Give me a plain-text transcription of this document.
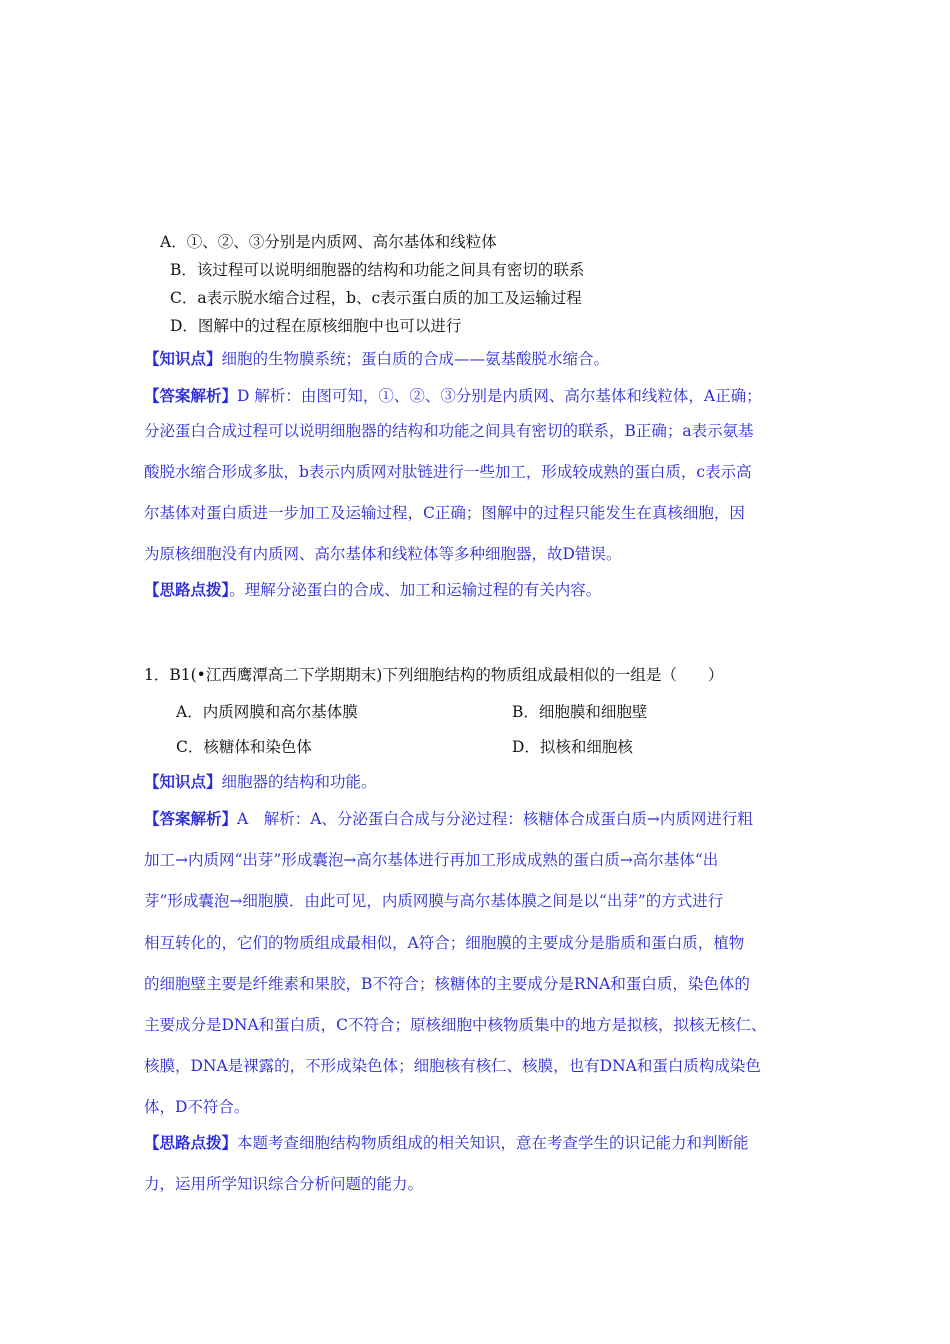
A．①、②、③分别是内质网、高尔基体和线粒体
B．该过程可以说明细胞器的结构和功能之间具有密切的联系
C．a表示脱水缩合过程，b、c表示蛋白质的加工及运输过程
D．图解中的过程在原核细胞中也可以进行
【知识点】细胞的生物膜系统；蛋白质的合成——氨基酸脱水缩合。
【答案解析】D 解析：由图可知，①、②、③分别是内质网、高尔基体和线粒体，A正确；
分泌蛋白合成过程可以说明细胞器的结构和功能之间具有密切的联系，B正确；a表示氨基
酸脱水缩合形成多肽，b表示内质网对肽链进行一些加工，形成较成熟的蛋白质，c表示高
尔基体对蛋白质进一步加工及运输过程，C正确；图解中的过程只能发生在真核细胞，因
为原核细胞没有内质网、高尔基体和线粒体等多种细胞器，故D错误。
【思路点拨】。理解分泌蛋白的合成、加工和运输过程的有关内容。
1．B1(•江西鹰潭高二下学期期末)下列细胞结构的物质组成最相似的一组是（　　）
A．内质网膜和高尔基体膜	B．细胞膜和细胞壁
C．核糖体和染色体	D．拟核和细胞核
【知识点】细胞器的结构和功能。
【答案解析】A　解析：A、分泌蛋白合成与分泌过程：核糖体合成蛋白质→内质网进行粗
加工→内质网“出芽”形成囊泡→高尔基体进行再加工形成成熟的蛋白质→高尔基体“出
芽”形成囊泡→细胞膜．由此可见，内质网膜与高尔基体膜之间是以“出芽”的方式进行
相互转化的，它们的物质组成最相似，A符合；细胞膜的主要成分是脂质和蛋白质，植物
的细胞壁主要是纤维素和果胶，B不符合；核糖体的主要成分是RNA和蛋白质，染色体的
主要成分是DNA和蛋白质，C不符合；原核细胞中核物质集中的地方是拟核，拟核无核仁、
核膜，DNA是裸露的，不形成染色体；细胞核有核仁、核膜，也有DNA和蛋白质构成染色
体，D不符合。
【思路点拨】本题考查细胞结构物质组成的相关知识，意在考查学生的识记能力和判断能
力，运用所学知识综合分析问题的能力。
